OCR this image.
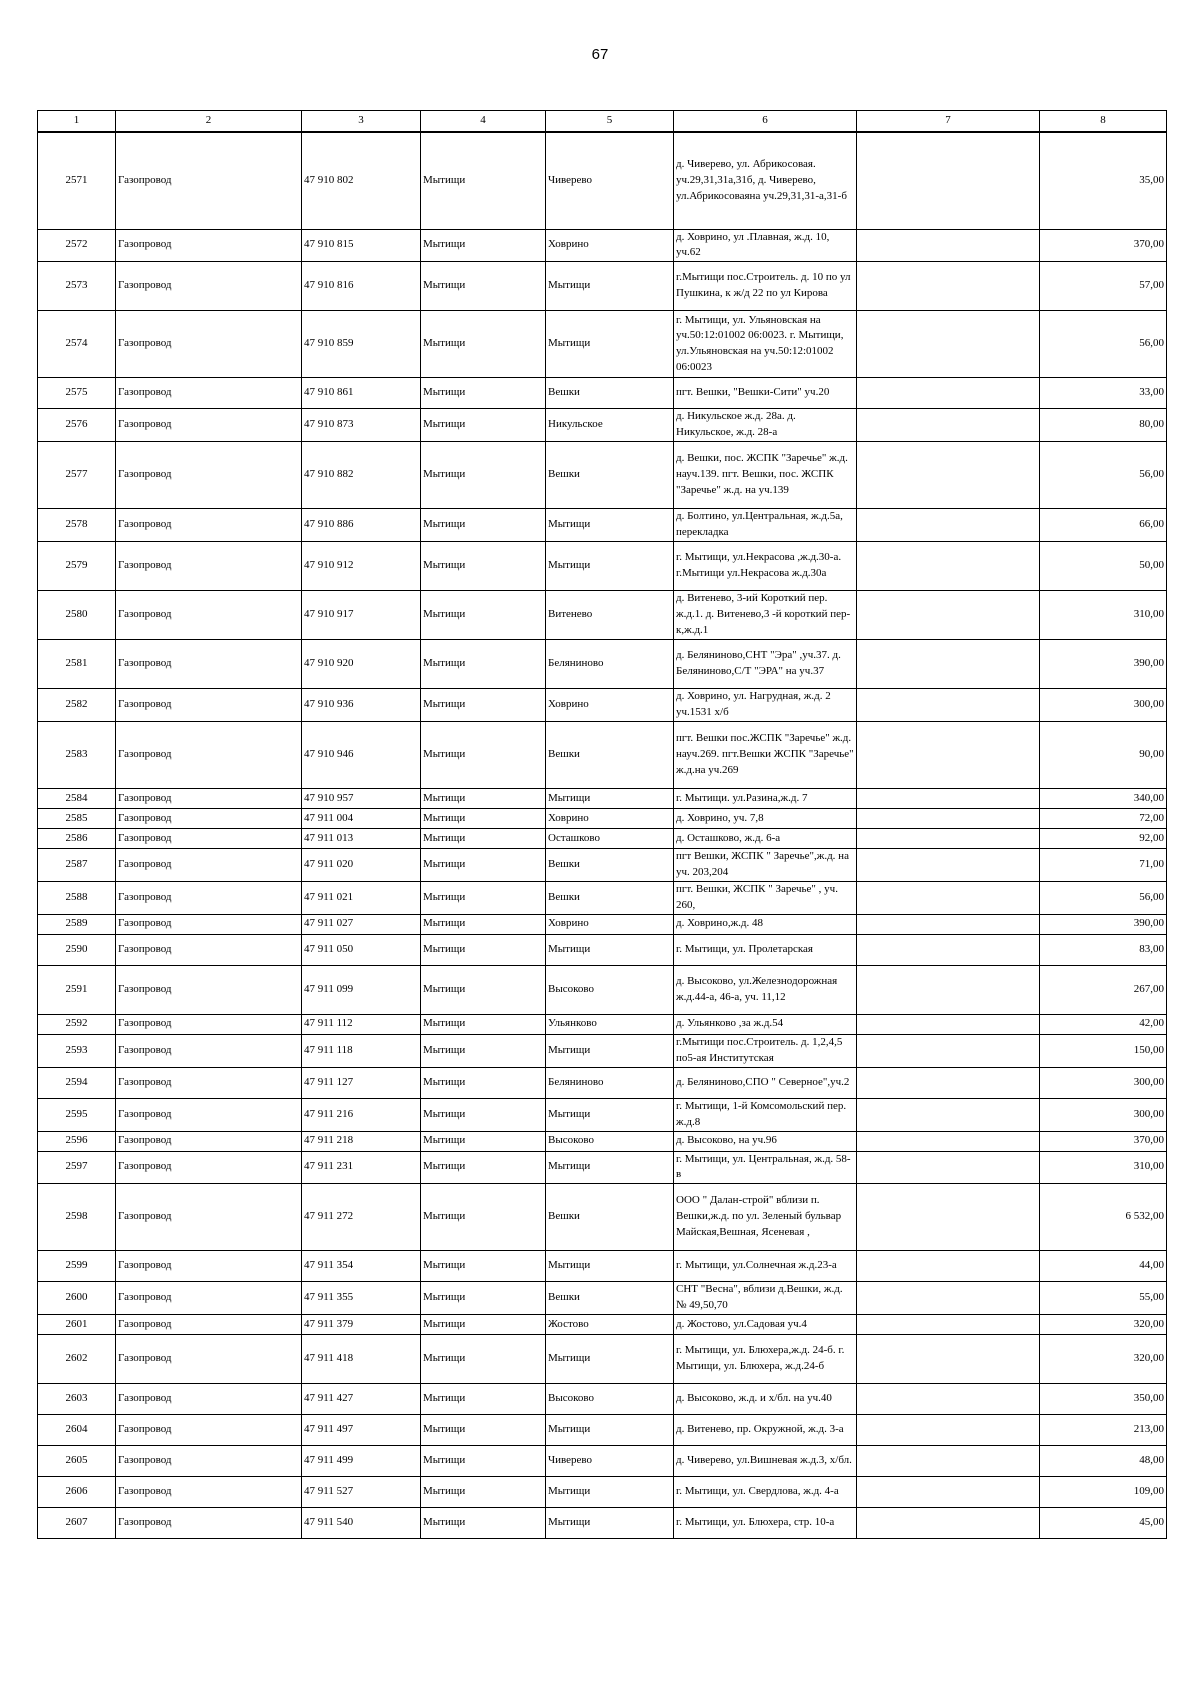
67
1	2	3	4	5	6	7	8
2571	Газопровод	47 910 802	Мытищи	Чиверево	д. Чиверево, ул. Абрикосовая. уч.29,31,31а,31б, д. Чиверево, ул.Абрикосоваяна уч.29,31,31-а,31-б		35,00
2572	Газопровод	47 910 815	Мытищи	Ховрино	д. Ховрино, ул .Плавная, ж.д. 10, уч.62		370,00
2573	Газопровод	47 910 816	Мытищи	Мытищи	г.Мытищи пос.Строитель. д. 10 по ул Пушкина, к ж/д 22 по ул Кирова		57,00
2574	Газопровод	47 910 859	Мытищи	Мытищи	г. Мытищи, ул. Ульяновская на уч.50:12:01002 06:0023. г. Мытищи, ул.Ульяновская на уч.50:12:01002 06:0023		56,00
2575	Газопровод	47 910 861	Мытищи	Вешки	пгт. Вешки, "Вешки-Сити" уч.20		33,00
2576	Газопровод	47 910 873	Мытищи	Никульское	д. Никульское ж.д. 28а. д. Никульское, ж.д. 28-а		80,00
2577	Газопровод	47 910 882	Мытищи	Вешки	д. Вешки, пос. ЖСПК "Заречье" ж.д. науч.139. пгт. Вешки, пос. ЖСПК "Заречье" ж.д. на уч.139		56,00
2578	Газопровод	47 910 886	Мытищи	Мытищи	д. Болтино, ул.Центральная, ж.д.5а, перекладка		66,00
2579	Газопровод	47 910 912	Мытищи	Мытищи	г. Мытищи, ул.Некрасова ,ж.д.30-а. г.Мытищи ул.Некрасова ж.д.30а		50,00
2580	Газопровод	47 910 917	Мытищи	Витенево	д. Витенево, 3-ий Короткий пер. ж.д.1. д. Витенево,3 -й короткий пер-к,ж.д.1		310,00
2581	Газопровод	47 910 920	Мытищи	Беляниново	д. Беляниново,СНТ "Эра" ,уч.37. д. Беляниново,С/Т "ЭРА" на уч.37		390,00
2582	Газопровод	47 910 936	Мытищи	Ховрино	д. Ховрино, ул. Нагрудная, ж.д. 2 уч.1531 х/б		300,00
2583	Газопровод	47 910 946	Мытищи	Вешки	пгт. Вешки пос.ЖСПК "Заречье" ж.д. науч.269. пгт.Вешки ЖСПК "Заречье" ж.д.на уч.269		90,00
2584	Газопровод	47 910 957	Мытищи	Мытищи	г. Мытищи. ул.Разина,ж.д. 7		340,00
2585	Газопровод	47 911 004	Мытищи	Ховрино	д. Ховрино, уч. 7,8		72,00
2586	Газопровод	47 911 013	Мытищи	Осташково	д. Осташково, ж.д. 6-а		92,00
2587	Газопровод	47 911 020	Мытищи	Вешки	пгт Вешки, ЖСПК " Заречье",ж.д. на уч. 203,204		71,00
2588	Газопровод	47 911 021	Мытищи	Вешки	пгт. Вешки, ЖСПК " Заречье" , уч. 260,		56,00
2589	Газопровод	47 911 027	Мытищи	Ховрино	д. Ховрино,ж.д. 48		390,00
2590	Газопровод	47 911 050	Мытищи	Мытищи	г. Мытищи, ул. Пролетарская		83,00
2591	Газопровод	47 911 099	Мытищи	Высоково	д. Высоково, ул.Железнодорожная ж.д.44-а, 46-а, уч. 11,12		267,00
2592	Газопровод	47 911 112	Мытищи	Ульянково	д. Ульянково ,за ж.д.54		42,00
2593	Газопровод	47 911 118	Мытищи	Мытищи	г.Мытищи пос.Строитель. д. 1,2,4,5 по5-ая Институтская		150,00
2594	Газопровод	47 911 127	Мытищи	Беляниново	д. Беляниново,СПО " Северное",уч.2		300,00
2595	Газопровод	47 911 216	Мытищи	Мытищи	г. Мытищи, 1-й Комсомольский пер. ж.д.8		300,00
2596	Газопровод	47 911 218	Мытищи	Высоково	д. Высоково, на уч.96		370,00
2597	Газопровод	47 911 231	Мытищи	Мытищи	г. Мытищи, ул. Центральная, ж.д. 58-в		310,00
2598	Газопровод	47 911 272	Мытищи	Вешки	ООО " Далан-строй" вблизи п. Вешки,ж.д. по ул. Зеленый бульвар Майская,Вешная, Ясеневая ,		6 532,00
2599	Газопровод	47 911 354	Мытищи	Мытищи	г. Мытищи, ул.Солнечная ж.д.23-а		44,00
2600	Газопровод	47 911 355	Мытищи	Вешки	СНТ "Весна", вблизи д.Вешки, ж.д. № 49,50,70		55,00
2601	Газопровод	47 911 379	Мытищи	Жостово	д. Жостово, ул.Садовая уч.4		320,00
2602	Газопровод	47 911 418	Мытищи	Мытищи	г. Мытищи, ул. Блюхера,ж.д. 24-б. г. Мытищи, ул. Блюхера, ж.д.24-б		320,00
2603	Газопровод	47 911 427	Мытищи	Высоково	д. Высоково, ж.д. и х/бл. на уч.40		350,00
2604	Газопровод	47 911 497	Мытищи	Мытищи	д. Витенево, пр. Окружной, ж.д. 3-а		213,00
2605	Газопровод	47 911 499	Мытищи	Чиверево	д. Чиверево, ул.Вишневая ж.д.3, х/бл.		48,00
2606	Газопровод	47 911 527	Мытищи	Мытищи	г. Мытищи, ул. Свердлова, ж.д. 4-а		109,00
2607	Газопровод	47 911 540	Мытищи	Мытищи	г. Мытищи, ул. Блюхера, стр. 10-а		45,00
